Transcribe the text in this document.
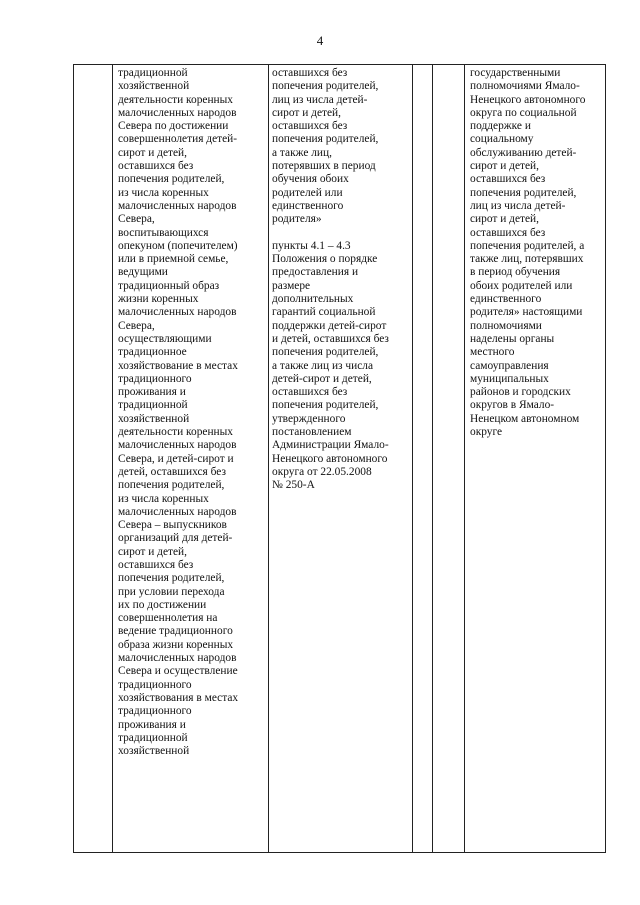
4
традиционной
хозяйственной
деятельности коренных
малочисленных народов
Севера по достижении
совершеннолетия детей-
сирот и детей,
оставшихся без
попечения родителей,
из числа коренных
малочисленных народов
Севера,
воспитывающихся
опекуном (попечителем)
или в приемной семье,
ведущими
традиционный образ
жизни коренных
малочисленных народов
Севера,
осуществляющими
традиционное
хозяйствование в местах
традиционного
проживания и
традиционной
хозяйственной
деятельности коренных
малочисленных народов
Севера, и детей-сирот и
детей, оставшихся без
попечения родителей,
из числа коренных
малочисленных народов
Севера – выпускников
организаций для детей-
сирот и детей,
оставшихся без
попечения родителей,
при условии перехода
их по достижении
совершеннолетия на
ведение традиционного
образа жизни коренных
малочисленных народов
Севера и осуществление
традиционного
хозяйствования в местах
традиционного
проживания и
традиционной
хозяйственной
оставшихся без
попечения родителей,
лиц из числа детей-
сирот и детей,
оставшихся без
попечения родителей,
а также лиц,
потерявших в период
обучения обоих
родителей или
единственного
родителя»
пункты 4.1 – 4.3
Положения о порядке
предоставления и
размере
дополнительных
гарантий социальной
поддержки детей-сирот
и детей, оставшихся без
попечения родителей,
а также лиц из числа
детей-сирот и детей,
оставшихся без
попечения родителей,
утвержденного
постановлением
Администрации Ямало-
Ненецкого автономного
округа от 22.05.2008
№ 250-А
государственными
полномочиями Ямало-
Ненецкого автономного
округа по социальной
поддержке и
социальному
обслуживанию детей-
сирот и детей,
оставшихся без
попечения родителей,
лиц из числа детей-
сирот и детей,
оставшихся без
попечения родителей, а
также лиц, потерявших
в период обучения
обоих родителей или
единственного
родителя» настоящими
полномочиями
наделены органы
местного
самоуправления
муниципальных
районов и городских
округов в Ямало-
Ненецком автономном
округе
